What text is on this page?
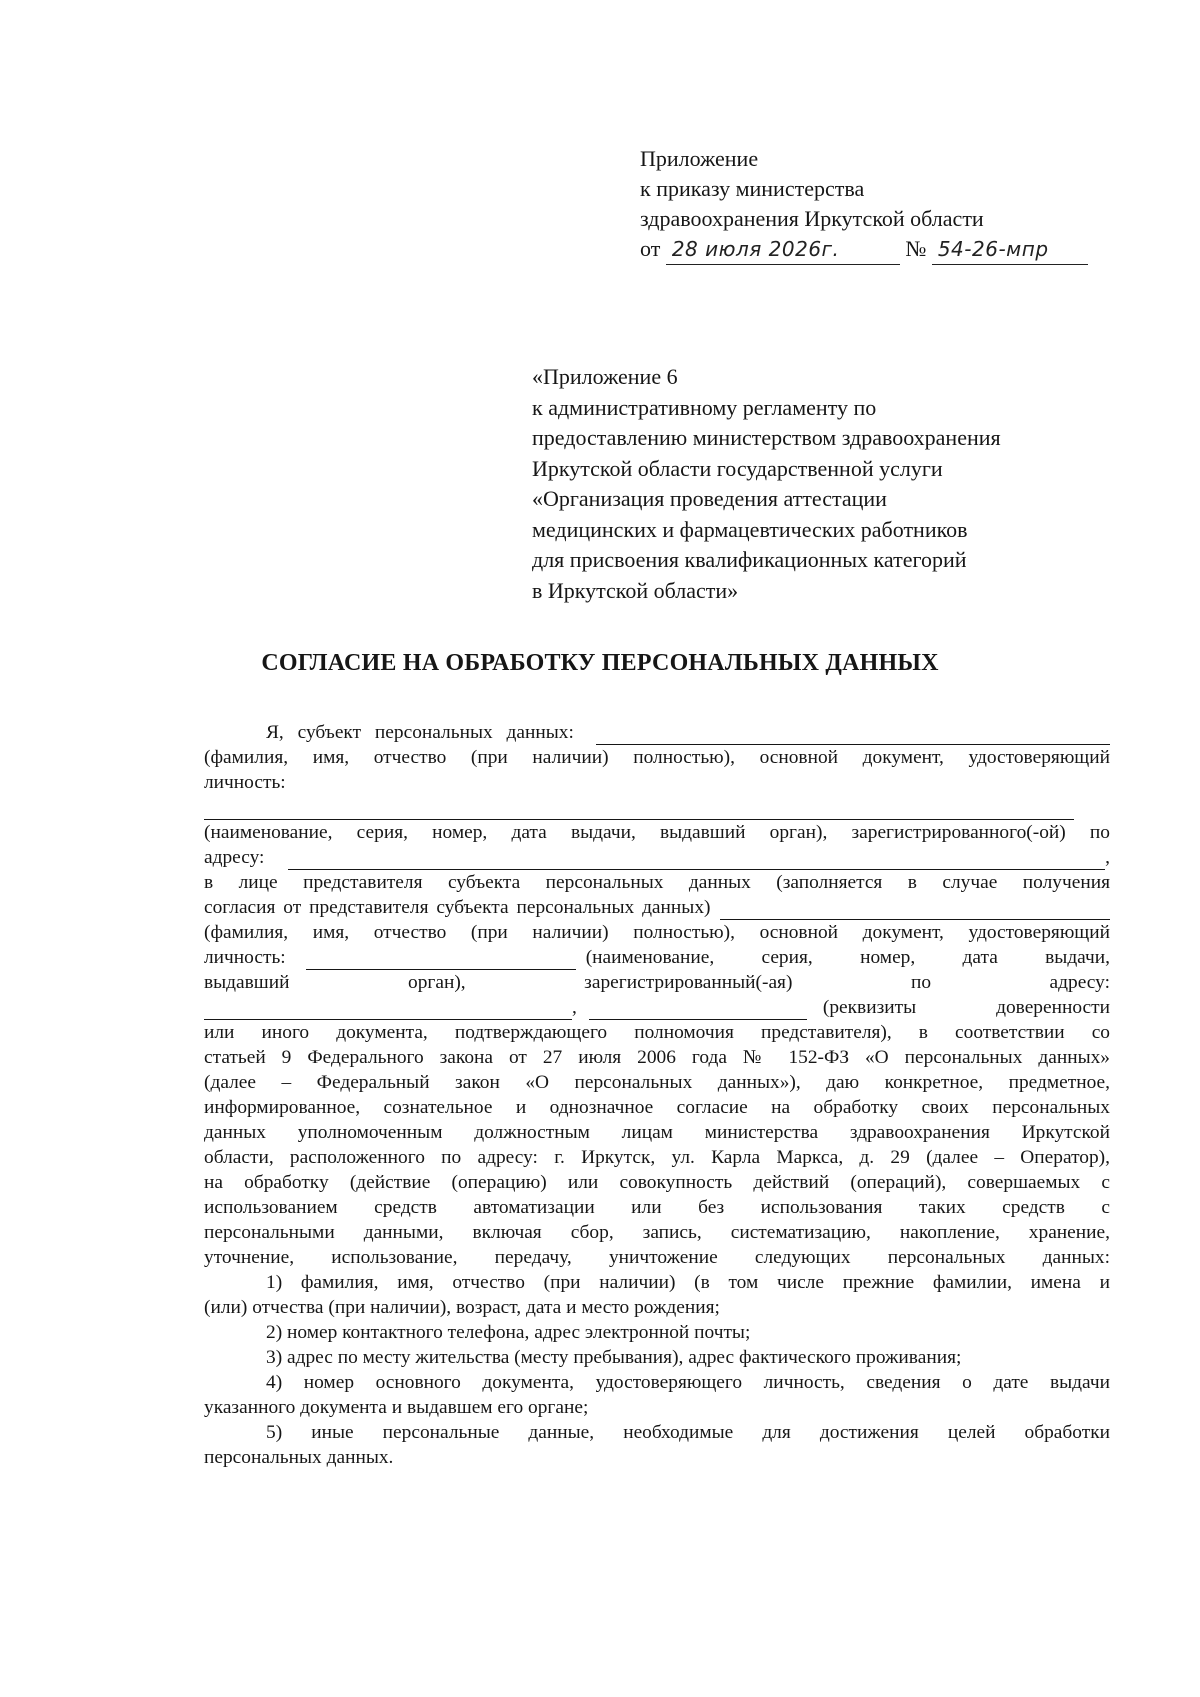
Приложение
к приказу министерства
здравоохранения Иркутской области
от 28 июля 2026г.	№ 54-26-мпр
«Приложение 6
к административному регламенту по
предоставлению министерством здравоохранения
Иркутской области государственной услуги
«Организация проведения аттестации
медицинских и фармацевтических работников
для присвоения квалификационных категорий
в Иркутской области»
СОГЛАСИЕ НА ОБРАБОТКУ ПЕРСОНАЛЬНЫХ ДАННЫХ
Я, субъект персональных данных:
(фамилия, имя, отчество (при наличии) полностью), основной документ, удостоверяющий
личность:
(наименование, серия, номер, дата выдачи, выдавший орган), зарегистрированного(-ой) по
адресу:	,
в лице представителя субъекта персональных данных (заполняется в случае получения
согласия от представителя субъекта персональных данных)
(фамилия, имя, отчество (при наличии) полностью), основной документ, удостоверяющий
личность:	(наименование, серия, номер, дата выдачи,
выдавший орган), зарегистрированный(-ая) по адресу:
,	(реквизиты доверенности
или иного документа, подтверждающего полномочия представителя), в соответствии со
статьей 9 Федерального закона от 27 июля 2006 года № 152-ФЗ «О персональных данных»
(далее – Федеральный закон «О персональных данных»), даю конкретное, предметное,
информированное, сознательное и однозначное согласие на обработку своих персональных
данных уполномоченным должностным лицам министерства здравоохранения Иркутской
области, расположенного по адресу: г. Иркутск, ул. Карла Маркса, д. 29 (далее – Оператор),
на обработку (действие (операцию) или совокупность действий (операций), совершаемых с
использованием средств автоматизации или без использования таких средств с
персональными данными, включая сбор, запись, систематизацию, накопление, хранение,
уточнение, использование, передачу, уничтожение следующих персональных данных:
1) фамилия, имя, отчество (при наличии) (в том числе прежние фамилии, имена и
(или) отчества (при наличии), возраст, дата и место рождения;
2) номер контактного телефона, адрес электронной почты;
3) адрес по месту жительства (месту пребывания), адрес фактического проживания;
4) номер основного документа, удостоверяющего личность, сведения о дате выдачи
указанного документа и выдавшем его органе;
5) иные персональные данные, необходимые для достижения целей обработки
персональных данных.
